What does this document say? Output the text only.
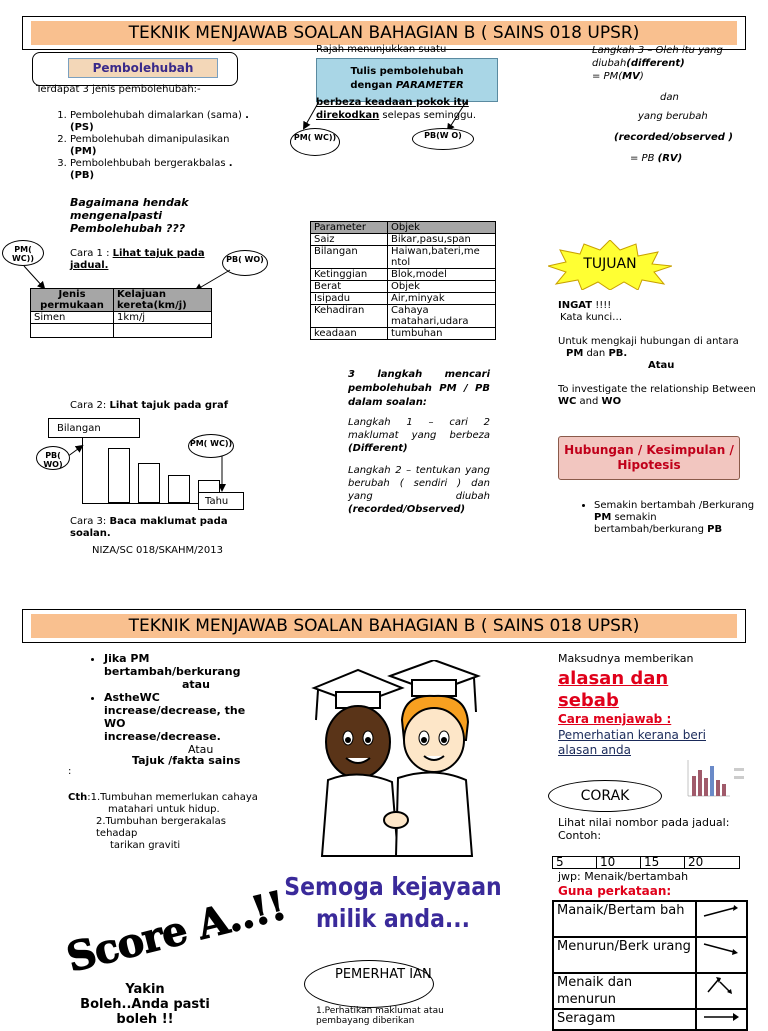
TEKNIK MENJAWAB SOALAN BAHAGIAN B ( SAINS 018 UPSR)
Pembolehubah
Terdapat 3 jenis pembolehubah:-
1. Pembolehubah dimalarkan (sama) .(PS)
2. Pembolehubah dimanipulasikan (PM)
3. Pembolehbubah bergerakbalas . (PB)
Bagaimana hendak mengenalpasti Pembolehubah ???
Cara 1 : Lihat tajuk pada jadual.
PM( WC))	PB( WO)
Jenis permukaan	Kelajuan kereta(km/j)
Simen	1km/j

Cara 2: Lihat tajuk pada graf
Bilangan
PB( WO)
PM( WC))
Tahu
Cara 3: Baca maklumat pada soalan.
NIZA/SC 018/SKAHM/2013
Rajah menunjukkan suatu
Tulis pembolehubah
dengan PARAMETER
berbeza keadaan pokok itu
direkodkan selepas seminggu.
PM( WC))	PB(W O)
Parameter	Objek
Saiz	Bikar,pasu,span
Bilangan	Haiwan,bateri,me ntol
Ketinggian	Blok,model
Berat	Objek
Isipadu	Air,minyak
Kehadiran	Cahaya matahari,udara
keadaan	tumbuhan
3 langkah mencari pembolehubah PM / PB dalam soalan:
Langkah 1 – cari 2 maklumat yang berbeza (Different)
Langkah 2 – tentukan yang berubah ( sendiri ) dan yang diubah (recorded/Observed)
Langkah 3 – Oleh itu yang diubah(different)
= PM(MV)
dan
yang berubah
(recorded/observed )
= PB (RV)
TUJUAN
INGAT !!!!
Kata kunci…
Untuk mengkaji hubungan di antara
PM dan PB.
Atau
To investigate the relationship Between WC and WO
Hubungan / Kesimpulan / Hipotesis
• Semakin bertambah /Berkurang PM semakin bertambah/berkurang PB
TEKNIK MENJAWAB SOALAN BAHAGIAN B ( SAINS 018 UPSR)
• Jika PM bertambah/berkurang
atau
• AstheWC increase/decrease, the WO increase/decrease.
Atau
Tajuk /fakta sains
:
Cth:1.Tumbuhan memerlukan cahaya
matahari untuk hidup.
2.Tumbuhan bergerakalas tehadap
tarikan graviti
Score A..!!
Yakin
Boleh..Anda pasti
boleh !!
Semoga kejayaan
milik anda...
PEMERHAT IAN
1.Perhatikan maklumat atau pembayang diberikan
Maksudnya memberikan
alasan dan sebab
Cara menjawab :
Pemerhatian kerana beri alasan anda
CORAK
Lihat nilai nombor pada jadual:
Contoh:
5	10	15	20
jwp: Menaik/bertambah
Guna perkataan:
Manaik/Bertam bah	
Menurun/Berk urang	
Menaik dan menurun	
Seragam	
